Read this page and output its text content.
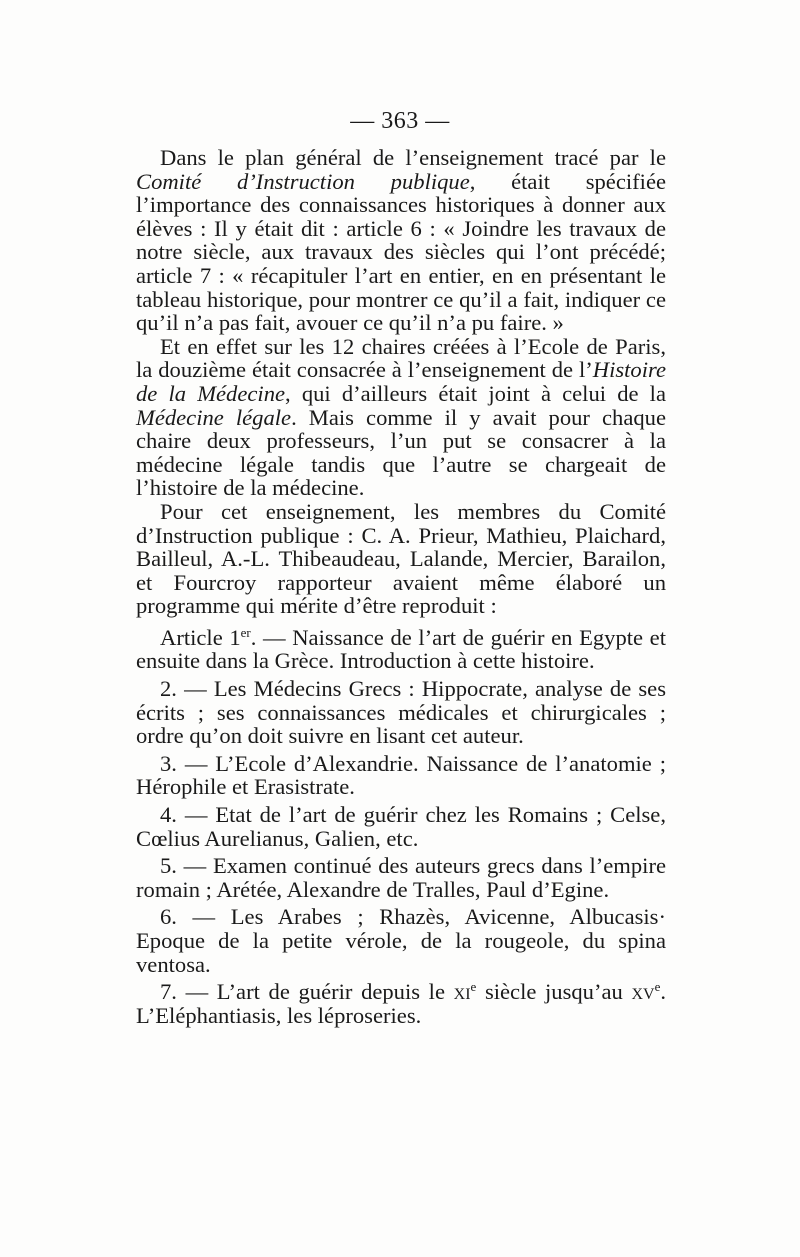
— 363 —

Dans le plan général de l’enseignement tracé par le Comité d’Instruction publique, était spécifiée l’importance des connaissances historiques à donner aux élèves : Il y était dit : article 6 : « Joindre les travaux de notre siècle, aux travaux des siècles qui l’ont précédé; article 7 : « récapituler l’art en entier, en en présentant le tableau historique, pour montrer ce qu’il a fait, indiquer ce qu’il n’a pas fait, avouer ce qu’il n’a pu faire. »

Et en effet sur les 12 chaires créées à l’Ecole de Paris, la douzième était consacrée à l’enseignement de l’Histoire de la Médecine, qui d’ailleurs était joint à celui de la Médecine légale. Mais comme il y avait pour chaque chaire deux professeurs, l’un put se consacrer à la médecine légale tandis que l’autre se chargeait de l’histoire de la médecine.

Pour cet enseignement, les membres du Comité d’Instruction publique : C. A. Prieur, Mathieu, Plaichard, Bailleul, A.-L. Thibeaudeau, Lalande, Mercier, Barailon, et Fourcroy rapporteur avaient même élaboré un programme qui mérite d’être reproduit :

Article 1er. — Naissance de l’art de guérir en Egypte et ensuite dans la Grèce. Introduction à cette histoire.

2. — Les Médecins Grecs : Hippocrate, analyse de ses écrits ; ses connaissances médicales et chirurgicales ; ordre qu’on doit suivre en lisant cet auteur.

3. — L’Ecole d’Alexandrie. Naissance de l’anatomie ; Hérophile et Erasistrate.

4. — Etat de l’art de guérir chez les Romains ; Celse, Cœlius Aurelianus, Galien, etc.

5. — Examen continué des auteurs grecs dans l’empire romain ; Arétée, Alexandre de Tralles, Paul d’Egine.

6. — Les Arabes ; Rhazès, Avicenne, Albucasis· Epoque de la petite vérole, de la rougeole, du spina ventosa.

7. — L’art de guérir depuis le $xi^e$ siècle jusqu’au $xv^e$. L’Eléphantiasis, les léproseries.
